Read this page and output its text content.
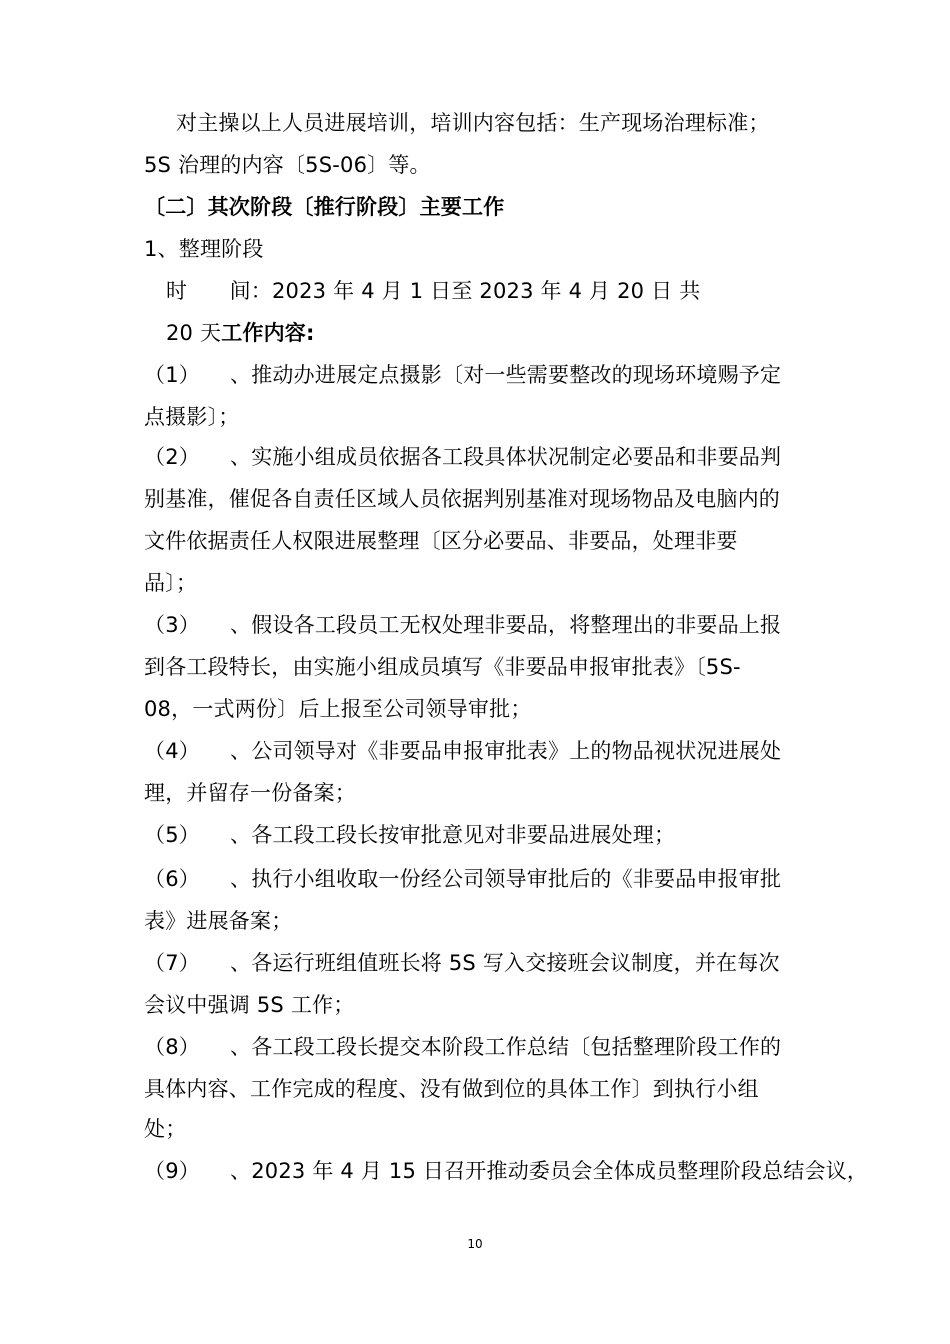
对主操以上人员进展培训，培训内容包括：生产现场治理标准；
5S 治理的内容〔5S-06〕等。
〔二〕其次阶段〔推行阶段〕主要工作
1、整理阶段
时　　间：2023 年 4 月 1 日至 2023 年 4 月 20 日 共
20 天工作内容:
（1） 、推动办进展定点摄影〔对一些需要整改的现场环境赐予定
点摄影〕；
（2） 、实施小组成员依据各工段具体状况制定必要品和非要品判
别基准，催促各自责任区域人员依据判别基准对现场物品及电脑内的
文件依据责任人权限进展整理〔区分必要品、非要品，处理非要
品〕；
（3） 、假设各工段员工无权处理非要品，将整理出的非要品上报
到各工段特长，由实施小组成员填写《非要品申报审批表》〔5S-
08，一式两份〕后上报至公司领导审批；
（4） 、公司领导对《非要品申报审批表》上的物品视状况进展处
理，并留存一份备案；
（5） 、各工段工段长按审批意见对非要品进展处理；
（6） 、执行小组收取一份经公司领导审批后的《非要品申报审批
表》进展备案；
（7） 、各运行班组值班长将 5S 写入交接班会议制度，并在每次
会议中强调 5S 工作；
（8） 、各工段工段长提交本阶段工作总结〔包括整理阶段工作的
具体内容、工作完成的程度、没有做到位的具体工作〕到执行小组
处；
（9） 、2023 年 4 月 15 日召开推动委员会全体成员整理阶段总结会议，
10
